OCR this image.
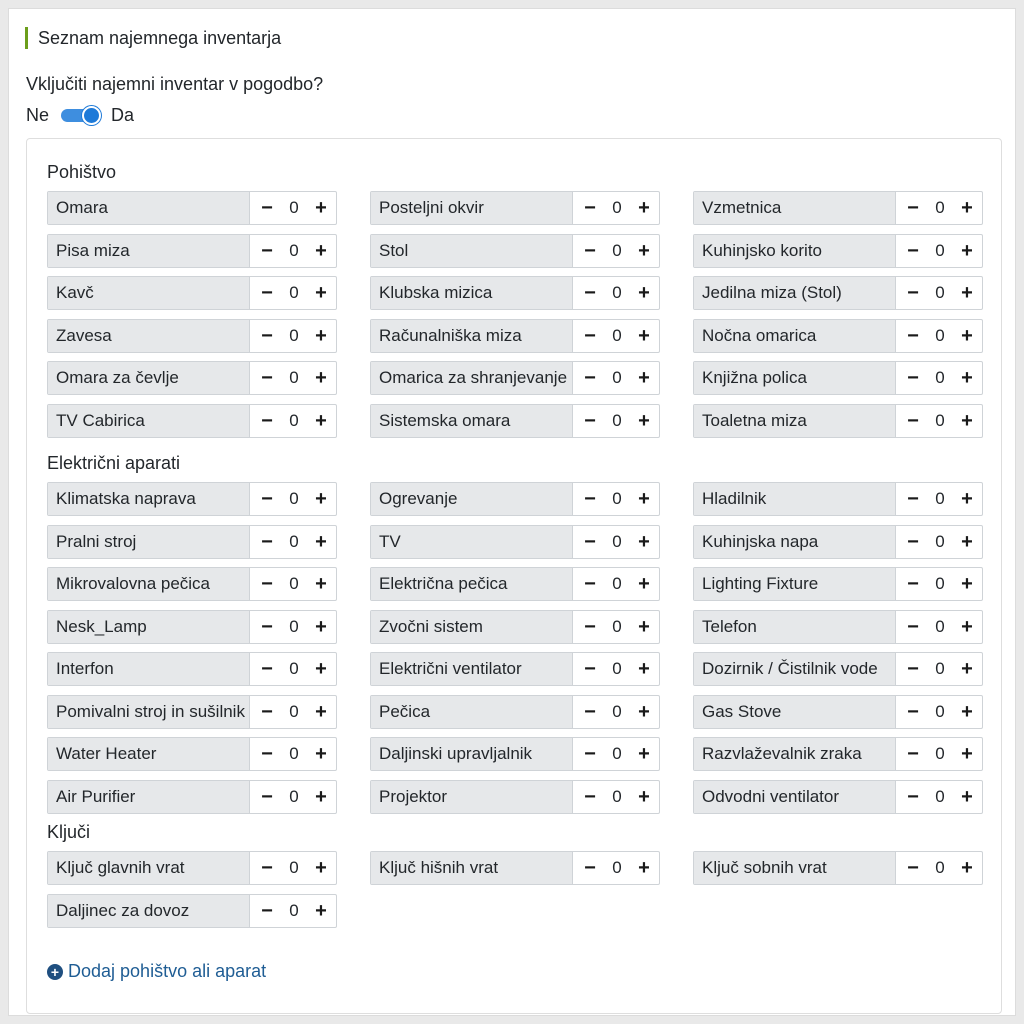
Seznam najemnega inventarja
Vključiti najemni inventar v pogodbo?
Ne	Da
Pohištvo
Omara	− 0 +	Posteljni okvir	− 0 +	Vzmetnica	− 0 +
Pisa miza	− 0 +	Stol	− 0 +	Kuhinjsko korito	− 0 +
Kavč	− 0 +	Klubska mizica	− 0 +	Jedilna miza (Stol)	− 0 +
Zavesa	− 0 +	Računalniška miza	− 0 +	Nočna omarica	− 0 +
Omara za čevlje	− 0 +	Omarica za shranjevanje − 0 +	Knjižna polica	− 0 +
TV Cabirica	− 0 +	Sistemska omara	− 0 +	Toaletna miza	− 0 +
Električni aparati
Klimatska naprava	− 0 +	Ogrevanje	− 0 +	Hladilnik	− 0 +
Pralni stroj	− 0 +	TV	− 0 +	Kuhinjska napa	− 0 +
Mikrovalovna pečica	− 0 +	Električna pečica	− 0 +	Lighting Fixture	− 0 +
Nesk_Lamp	− 0 +	Zvočni sistem	− 0 +	Telefon	− 0 +
Interfon	− 0 +	Električni ventilator	− 0 +	Dozirnik / Čistilnik vode	− 0 +
Pomivalni stroj in sušilnik − 0 +	Pečica	− 0 +	Gas Stove	− 0 +
Water Heater	− 0 +	Daljinski upravljalnik	− 0 +	Razvlaževalnik zraka	− 0 +
Air Purifier	− 0 +	Projektor	− 0 +	Odvodni ventilator	− 0 +
Ključi
Ključ glavnih vrat	− 0 +	Ključ hišnih vrat	− 0 +	Ključ sobnih vrat	− 0 +
Daljinec za dovoz	− 0 +
+ Dodaj pohištvo ali aparat
